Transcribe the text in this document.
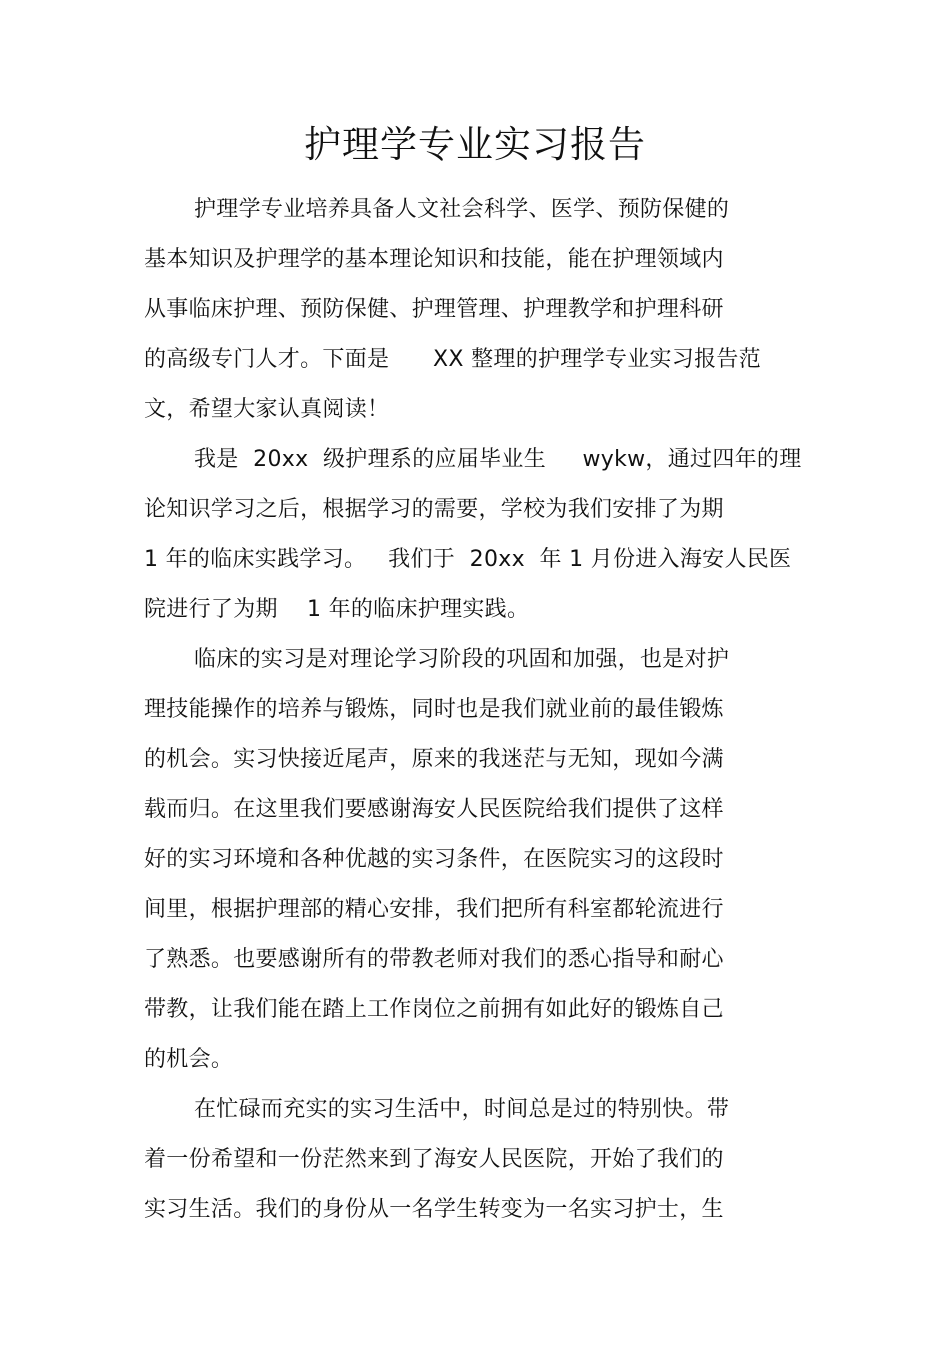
护理学专业实习报告
护理学专业培养具备人文社会科学、医学、预防保健的
基本知识及护理学的基本理论知识和技能，能在护理领域内
从事临床护理、预防保健、护理管理、护理教学和护理科研
的高级专门人才。下面是      XX 整理的护理学专业实习报告范
文，希望大家认真阅读！
我是  20xx  级护理系的应届毕业生     wykw，通过四年的理
论知识学习之后，根据学习的需要，学校为我们安排了为期
1 年的临床实践学习。   我们于  20xx  年 1 月份进入海安人民医
院进行了为期    1 年的临床护理实践。
临床的实习是对理论学习阶段的巩固和加强，也是对护
理技能操作的培养与锻炼，同时也是我们就业前的最佳锻炼
的机会。实习快接近尾声，原来的我迷茫与无知，现如今满
载而归。在这里我们要感谢海安人民医院给我们提供了这样
好的实习环境和各种优越的实习条件，在医院实习的这段时
间里，根据护理部的精心安排，我们把所有科室都轮流进行
了熟悉。也要感谢所有的带教老师对我们的悉心指导和耐心
带教，让我们能在踏上工作岗位之前拥有如此好的锻炼自己
的机会。
在忙碌而充实的实习生活中，时间总是过的特别快。带
着一份希望和一份茫然来到了海安人民医院，开始了我们的
实习生活。我们的身份从一名学生转变为一名实习护士，生
